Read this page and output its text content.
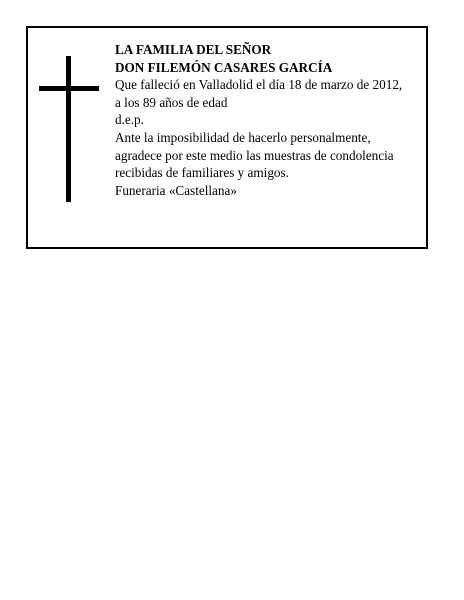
LA FAMILIA DEL SEÑOR
DON FILEMÓN CASARES GARCÍA
Que falleció en Valladolid el día 18 de marzo de 2012,
a los 89 años de edad
d.e.p.
Ante la imposibilidad de hacerlo personalmente,
agradece por este medio las muestras de condolencia
recibidas de familiares y amigos.
Funeraria «Castellana»
